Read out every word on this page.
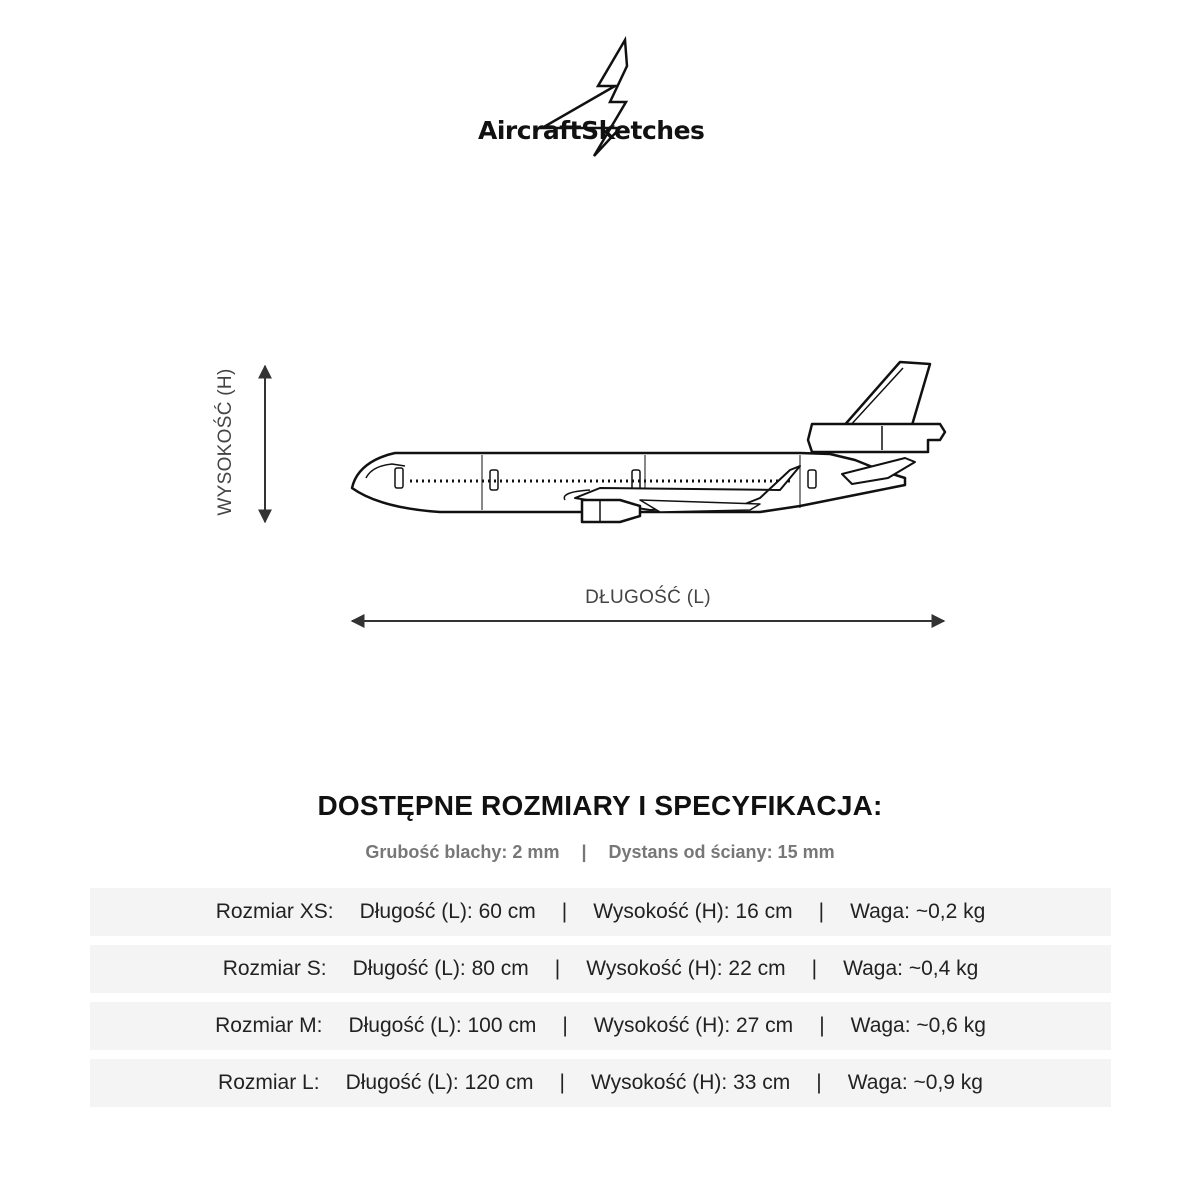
AircraftSketches
WYSOKOŚĆ (H)
DŁUGOŚĆ (L)
DOSTĘPNE ROZMIARY I SPECYFIKACJA:
Grubość blachy: 2 mm | Dystans od ściany: 15 mm
Rozmiar XS: Długość (L): 60 cm | Wysokość (H): 16 cm | Waga: ~0,2 kg
Rozmiar S: Długość (L): 80 cm | Wysokość (H): 22 cm | Waga: ~0,4 kg
Rozmiar M: Długość (L): 100 cm | Wysokość (H): 27 cm | Waga: ~0,6 kg
Rozmiar L: Długość (L): 120 cm | Wysokość (H): 33 cm | Waga: ~0,9 kg
